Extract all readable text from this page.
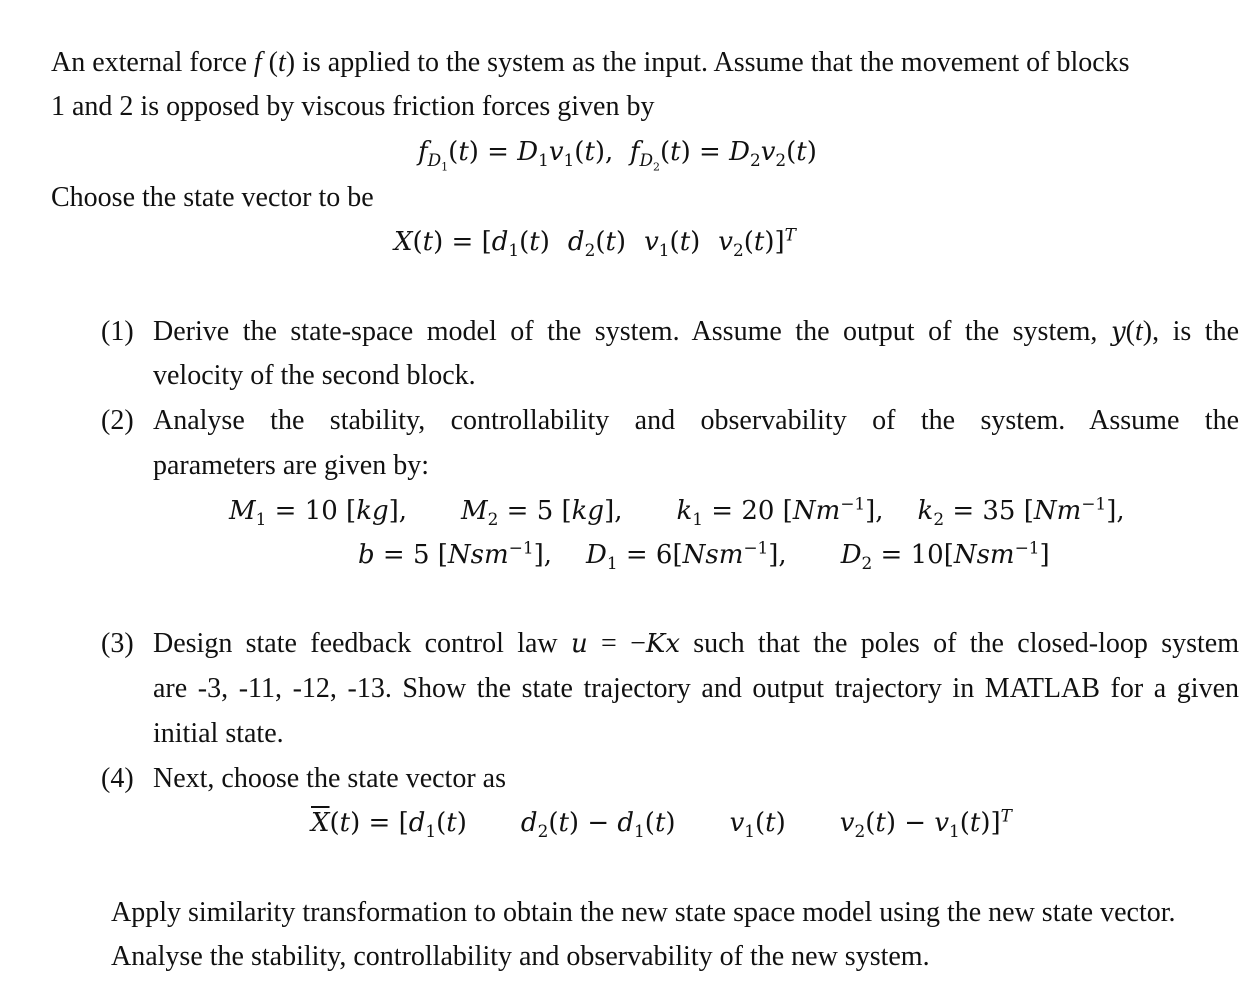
An external force f (t) is applied to the system as the input. Assume that the movement of blocks

1 and 2 is opposed by viscous friction forces given by

$f_{D_1}(t) = D_1v_1(t)$,  $f_{D_2}(t) = D_2v_2(t)$

Choose the state vector to be

$X(t) = [d_1(t)$ $d_2(t)$ $v_1(t)$ $v_2(t)]^T$

(1) Derive the state-space model of the system. Assume the output of the system, y(t), is the

velocity of the second block.

(2) Analyse the stability, controllability and observability of the system. Assume the

parameters are given by:

$M_1 = 10$ [kg], $M_2 = 5$ [kg], $k_1 = 20$ $[Nm^{-1}]$, $k_2 = 35$ $[Nm^{-1}]$,

b = 5 [Nsm$^{-1}$], $D_1 = 6[Nsm^{-1}]$, $D_2 = 10[Nsm^{-1}]$

(3) Design state feedback control law u = −Kx such that the poles of the closed-loop system

are -3, -11, -12, -13. Show the state trajectory and output trajectory in MATLAB for a given

initial state.

(4) Next, choose the state vector as

$\overline{X}(t) = [d_1(t) d_2(t) - d_1(t)$ $v_1(t) v_2(t) - v_1(t)]^T$

Apply similarity transformation to obtain the new state space model using the new state vector.

Analyse the stability, controllability and observability of the new system.
